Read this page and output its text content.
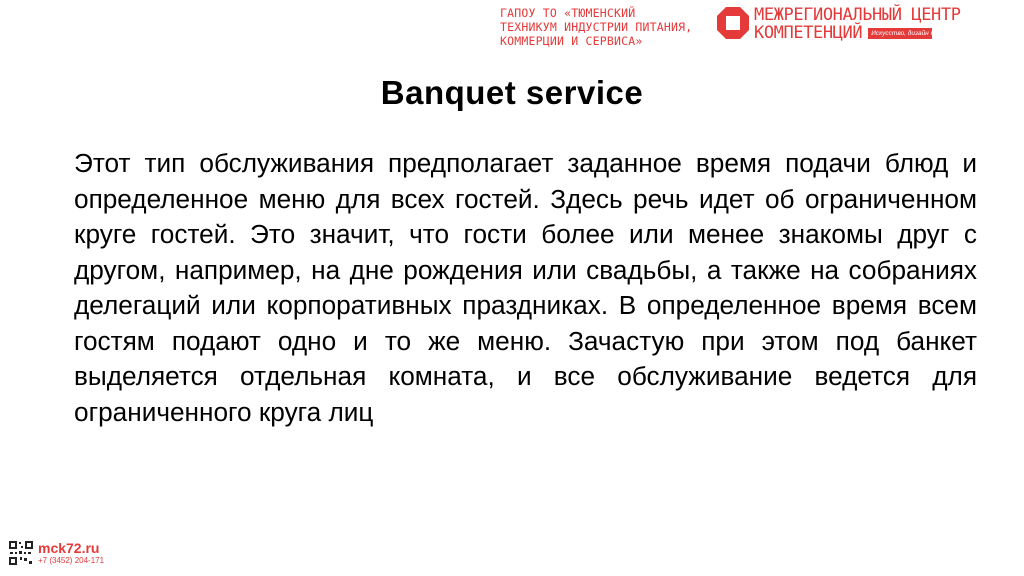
ГАПОУ ТО «ТЮМЕНСКИЙ
ТЕХНИКУМ ИНДУСТРИИ ПИТАНИЯ,
КОММЕРЦИИ И СЕРВИСА»
МЕЖРЕГИОНАЛЬНЫЙ ЦЕНТР
КОМПЕТЕНЦИЙ	Искусство, дизайн и сфера услуг
Banquet service
Этот тип обслуживания предполагает заданное время подачи блюд и определенное меню для всех гостей. Здесь речь идет об ограниченном круге гостей. Это значит, что гости более или менее знакомы друг с другом, например, на дне рождения или свадьбы, а также на собраниях делегаций или корпоративных праздниках. В определенное время всем гостям подают одно и то же меню. Зачастую при этом под банкет выделяется отдельная комната, и все обслуживание ведется для ограниченного круга лиц
mck72.ru
+7 (3452) 204-171
